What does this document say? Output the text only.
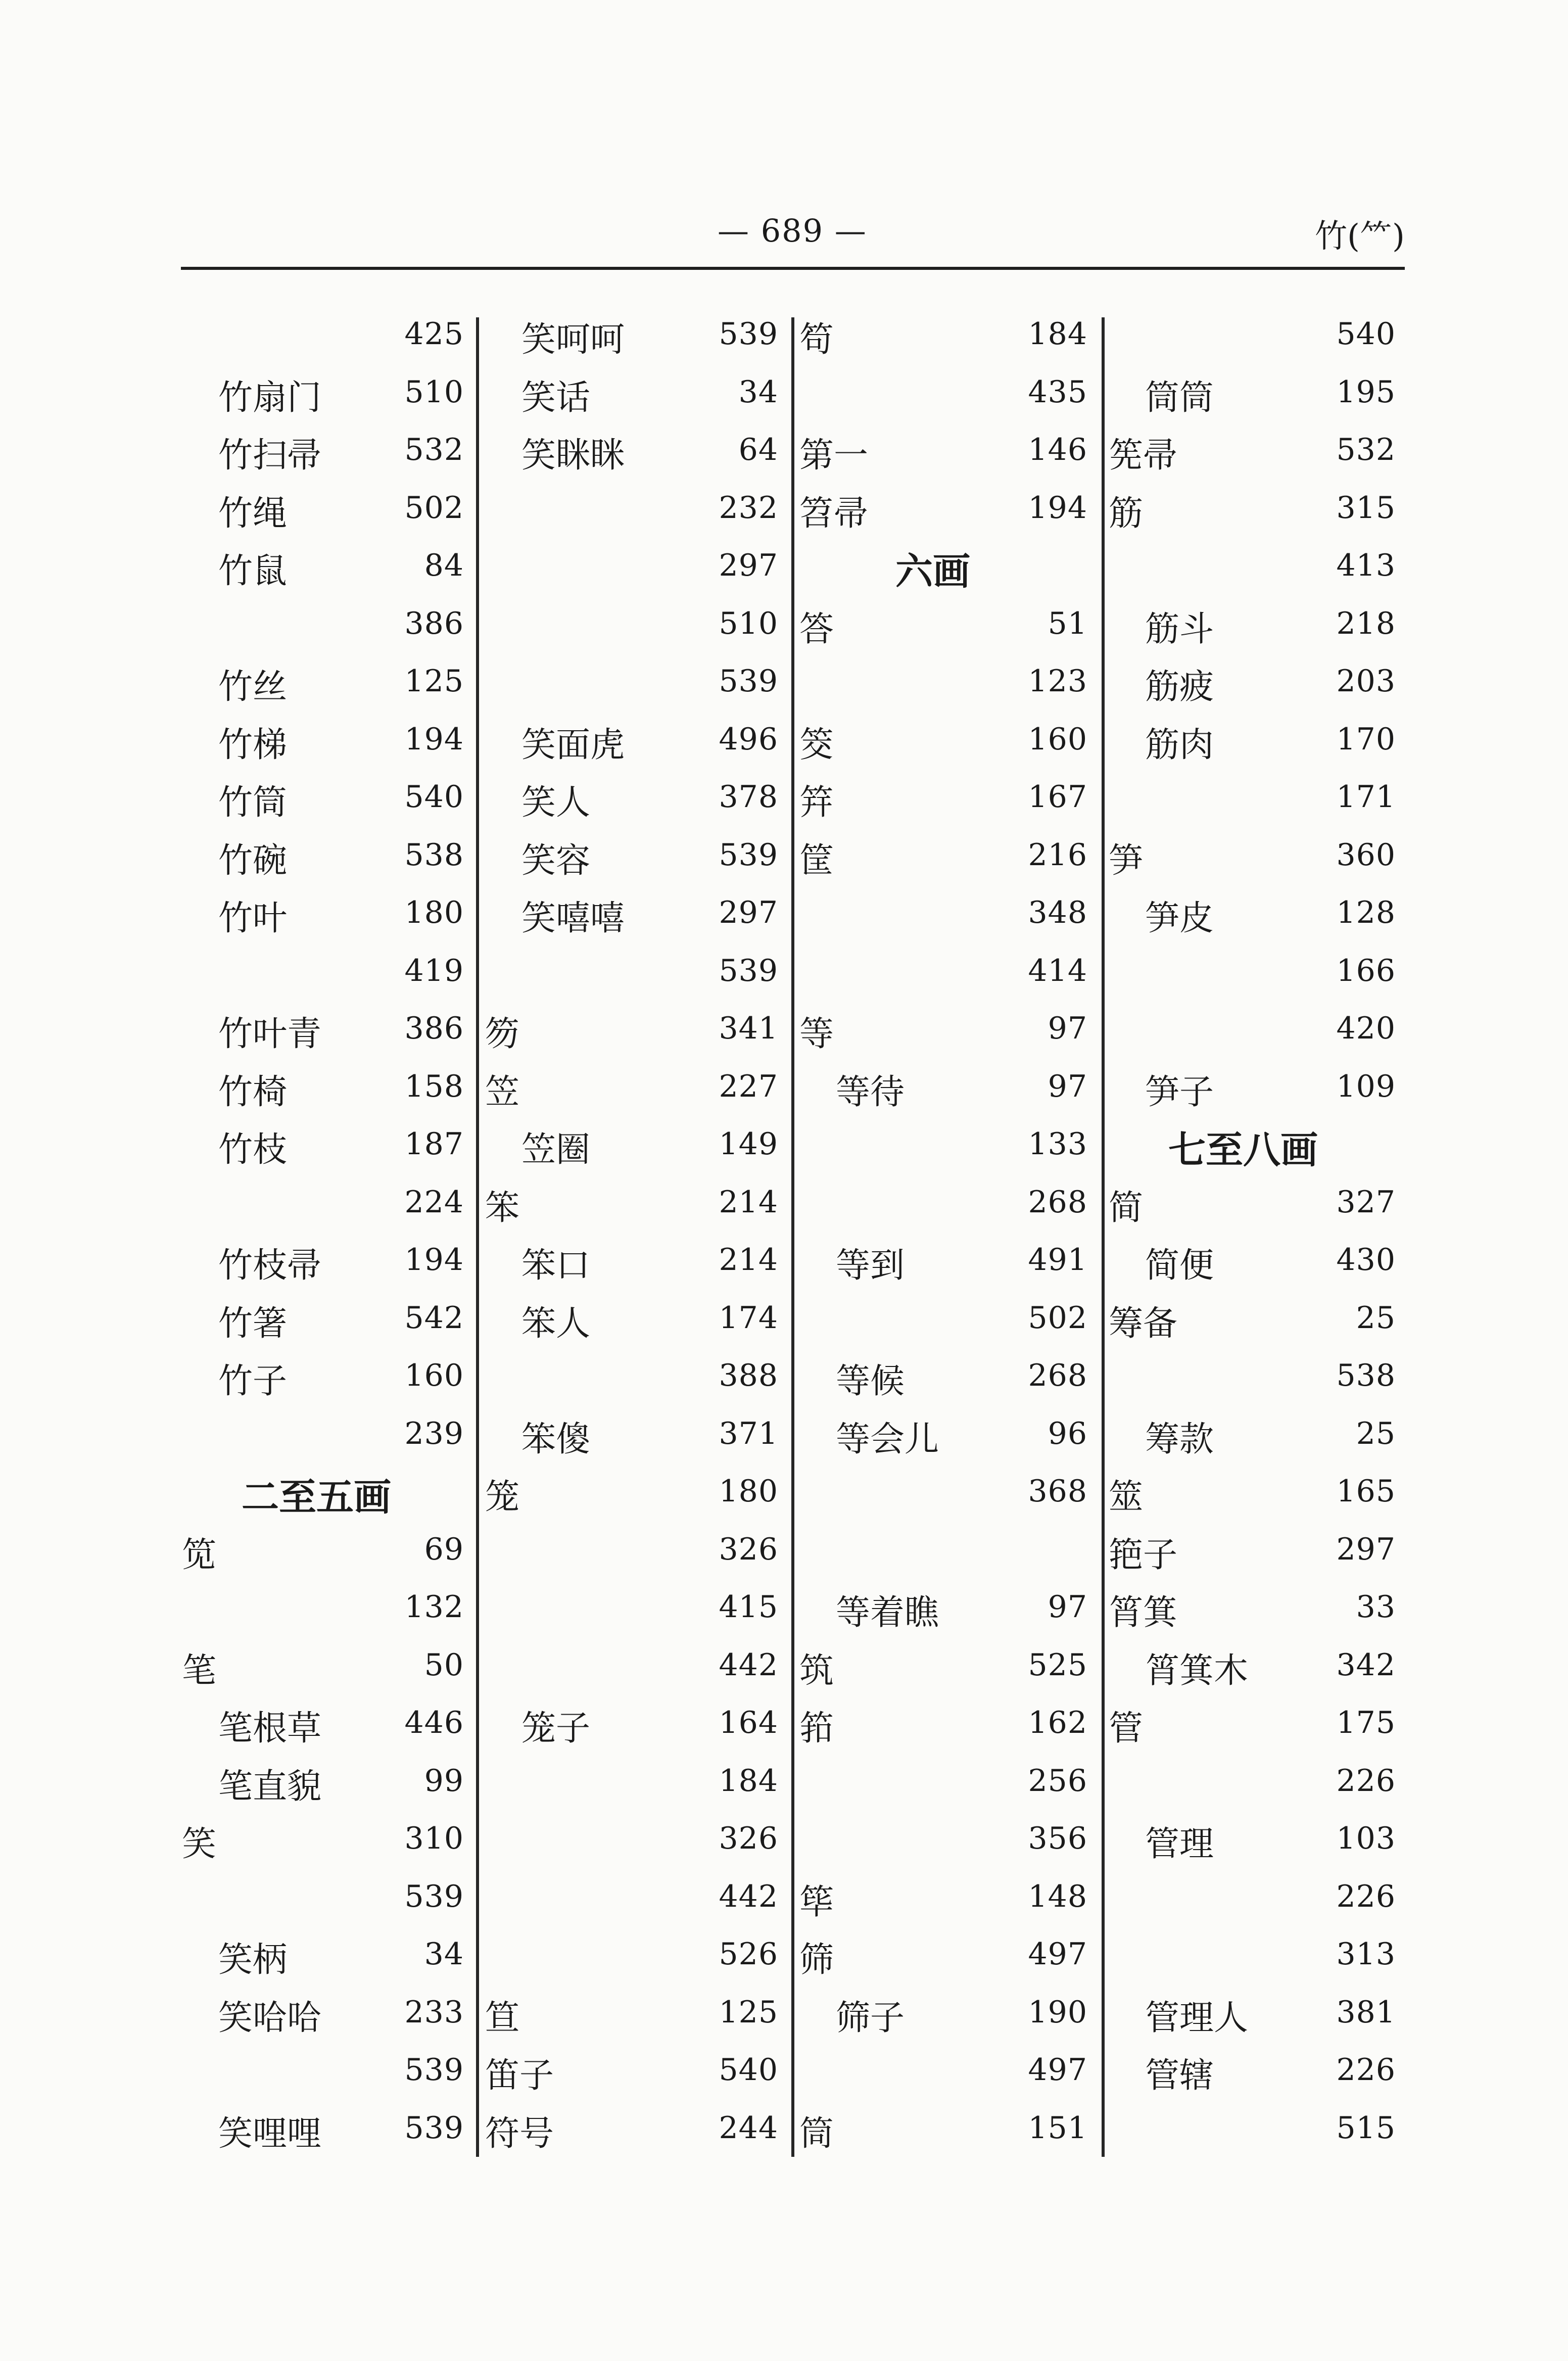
— 689 —	竹(⺮)
425
竹扇门	510
竹扫帚	532
竹绳	502
竹鼠	84
386
竹丝	125
竹梯	194
竹筒	540
竹碗	538
竹叶	180
419
竹叶青	386
竹椅	158
竹枝	187
224
竹枝帚	194
竹箸	542
竹子	160
239
二至五画
笕	69
132
笔	50
笔根草	446
笔直貌	99
笑	310
539
笑柄	34
笑哈哈	233
539
笑哩哩	539
笑呵呵	539
笑话	34
笑眯眯	64
232
297
510
539
笑面虎	496
笑人	378
笑容	539
笑嘻嘻	297
539
笏	341
笠	227
笠圈	149
笨	214
笨口	214
笨人	174
388
笨傻	371
笼	180
326
415
442
笼子	164
184
326
442
526
笪	125
笛子	540
符号	244
笱	184
435
第一	146
笤帚	194
六画
答	51
123
筊	160
筓	167
筐	216
348
414
等	97
等待	97
133
268
等到	491
502
等候	268
等会儿	96
368
等着瞧	97
筑	525
筘	162
256
356
筚	148
筛	497
筛子	190
497
筒	151
540
筒筒	195
筅帚	532
筋	315
413
筋斗	218
筋疲	203
筋肉	170
171
笋	360
笋皮	128
166
420
笋子	109
七至八画
简	327
简便	430
筹备	25
538
筹款	25
筮	165
筢子	297
筲箕	33
筲箕木	342
管	175
226
管理	103
226
313
管理人	381
管辖	226
515
